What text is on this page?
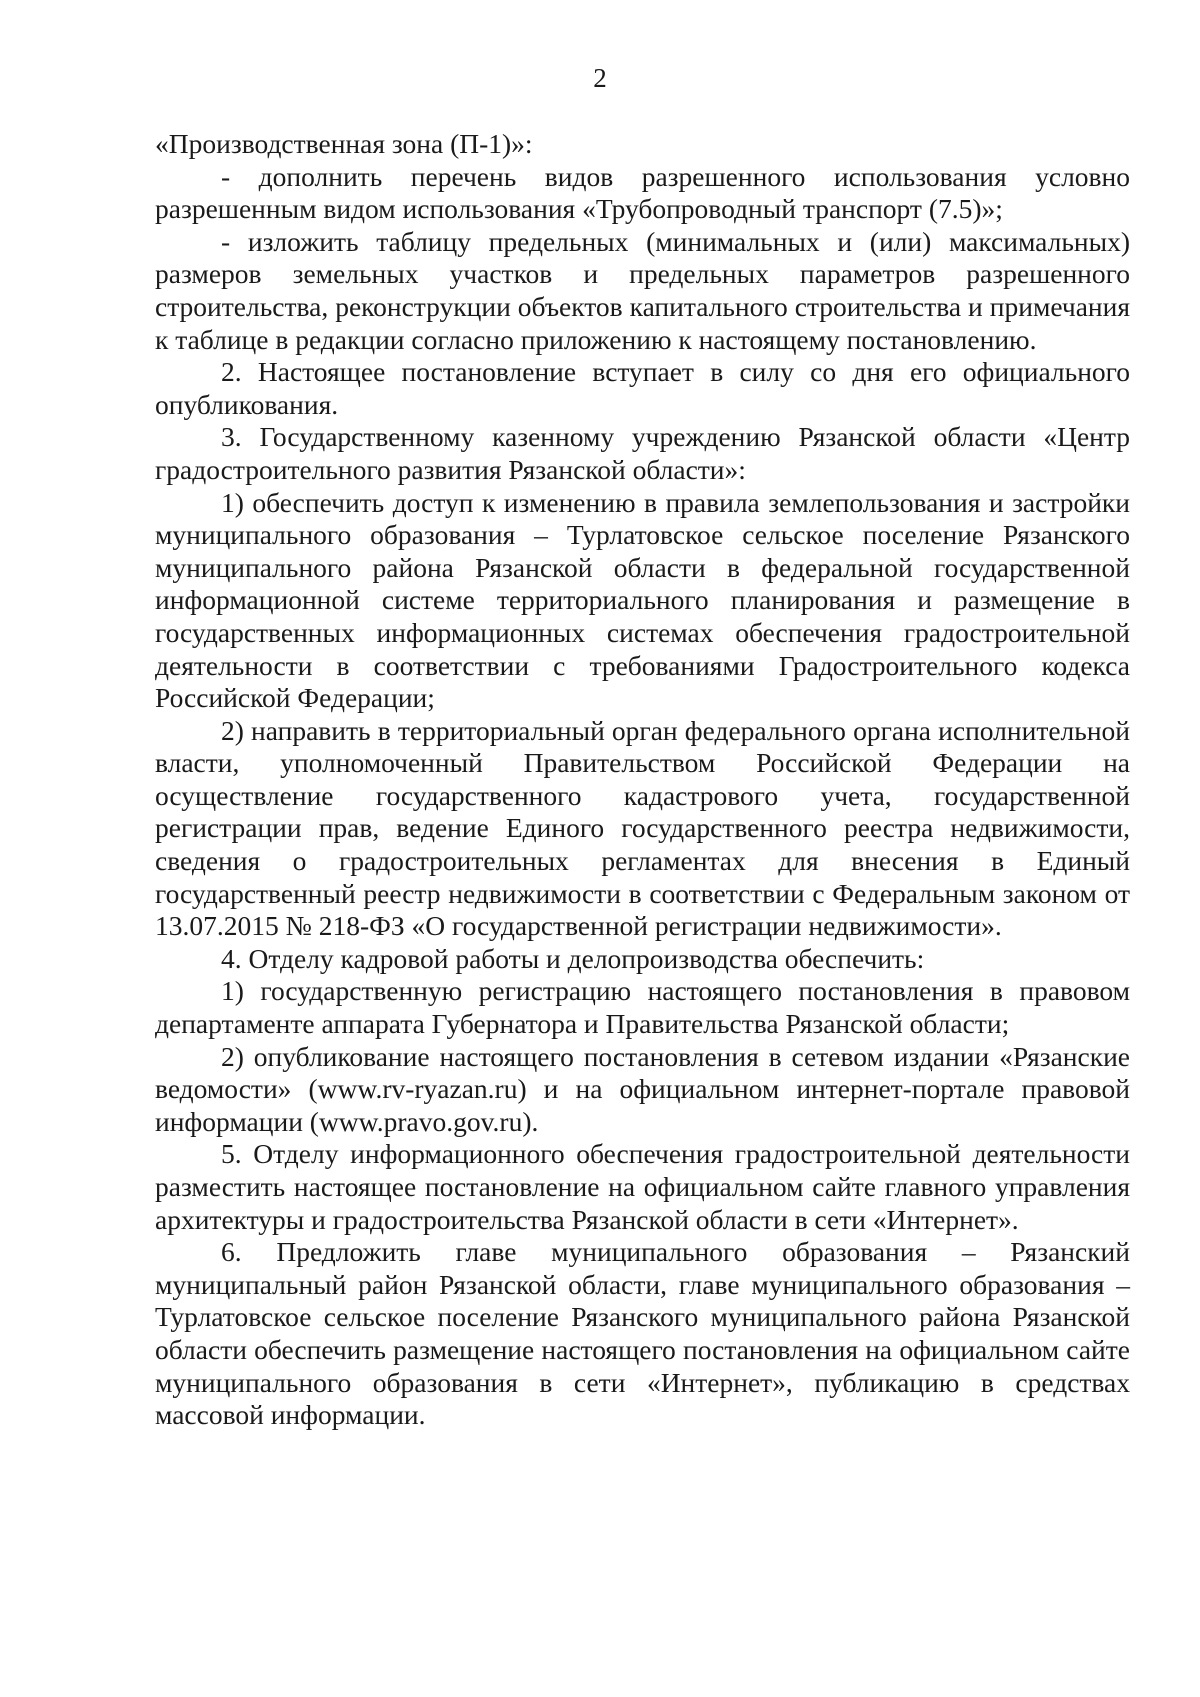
2

«Производственная зона (П-1)»:

- дополнить перечень видов разрешенного использования условно разрешенным видом использования «Трубопроводный транспорт (7.5)»;

- изложить таблицу предельных (минимальных и (или) максимальных) размеров земельных участков и предельных параметров разрешенного строительства, реконструкции объектов капитального строительства и примечания к таблице в редакции согласно приложению к настоящему постановлению.

2. Настоящее постановление вступает в силу со дня его официального опубликования.

3. Государственному казенному учреждению Рязанской области «Центр градостроительного развития Рязанской области»:

1) обеспечить доступ к изменению в правила землепользования и застройки муниципального образования – Турлатовское сельское поселение Рязанского муниципального района Рязанской области в федеральной государственной информационной системе территориального планирования и размещение в государственных информационных системах обеспечения градостроительной деятельности в соответствии с требованиями Градостроительного кодекса Российской Федерации;

2) направить в территориальный орган федерального органа исполнительной власти, уполномоченный Правительством Российской Федерации на осуществление государственного кадастрового учета, государственной регистрации прав, ведение Единого государственного реестра недвижимости, сведения о градостроительных регламентах для внесения в Единый государственный реестр недвижимости в соответствии с Федеральным законом от 13.07.2015 № 218-ФЗ «О государственной регистрации недвижимости».

4. Отделу кадровой работы и делопроизводства обеспечить:

1) государственную регистрацию настоящего постановления в правовом департаменте аппарата Губернатора и Правительства Рязанской области;

2) опубликование настоящего постановления в сетевом издании «Рязанские ведомости» (www.rv-ryazan.ru) и на официальном интернет-портале правовой информации (www.pravo.gov.ru).

5. Отделу информационного обеспечения градостроительной деятельности разместить настоящее постановление на официальном сайте главного управления архитектуры и градостроительства Рязанской области в сети «Интернет».

6. Предложить главе муниципального образования – Рязанский муниципальный район Рязанской области, главе муниципального образования – Турлатовское сельское поселение Рязанского муниципального района Рязанской области обеспечить размещение настоящего постановления на официальном сайте муниципального образования в сети «Интернет», публикацию в средствах массовой информации.
